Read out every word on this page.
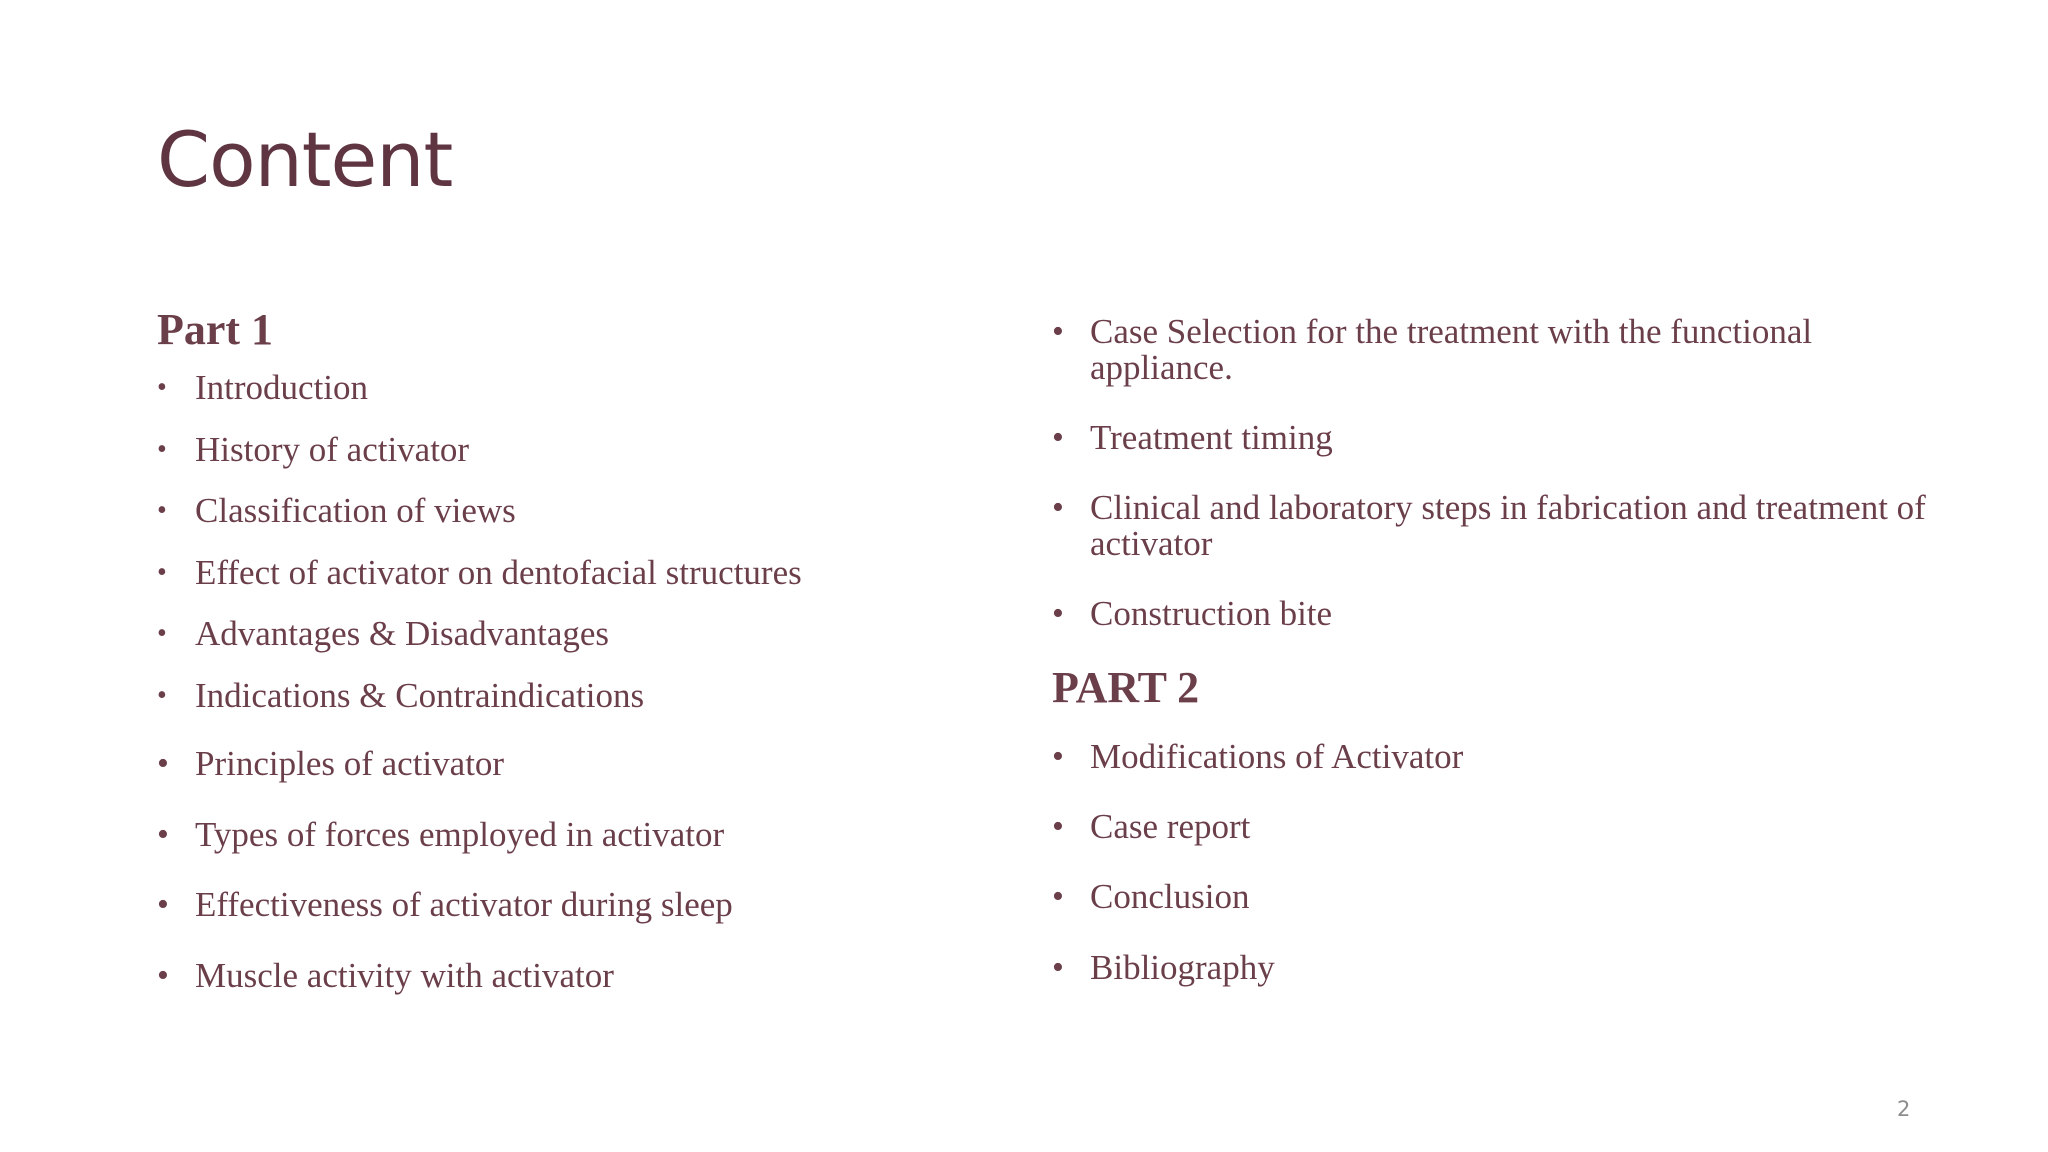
Content
Part 1
• Introduction
• History of activator
• Classification of views
• Effect of activator on dentofacial structures
• Advantages & Disadvantages
• Indications & Contraindications
• Principles of activator
• Types of forces employed in activator
• Effectiveness of activator during sleep
• Muscle activity with activator
• Case Selection for the treatment with the functional appliance.
• Treatment timing
• Clinical and laboratory steps in fabrication and treatment of activator
• Construction bite
PART 2
• Modifications of Activator
• Case report
• Conclusion
• Bibliography
2
